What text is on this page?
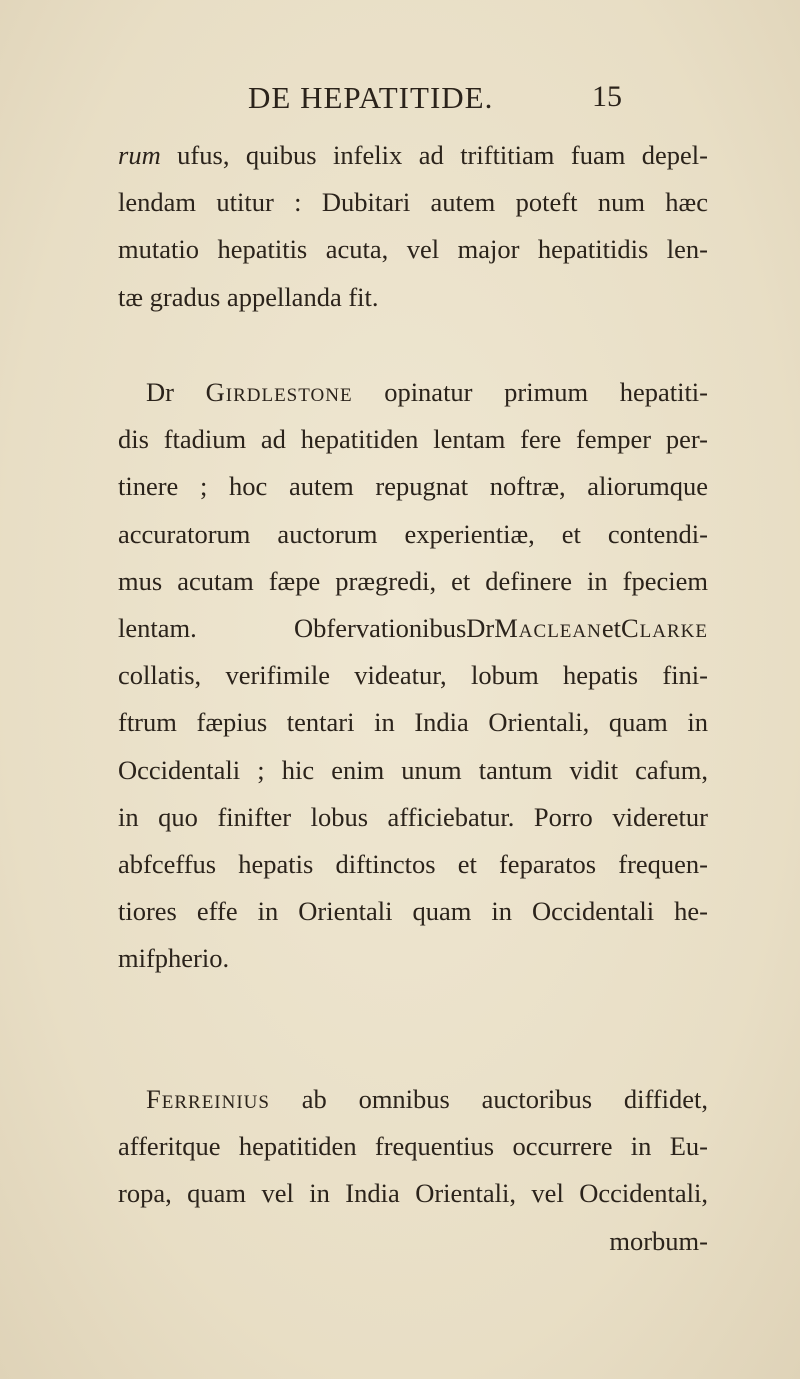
DE HEPATITIDE.	15
rum ufus, quibus infelix ad triftitiam fuam depel-
lendam utitur : Dubitari autem poteft num hæc
mutatio hepatitis acuta, vel major hepatitidis len-
tæ gradus appellanda fit.
Dr Girdlestone opinatur primum hepatiti-
dis ftadium ad hepatitiden lentam fere femper per-
tinere ; hoc autem repugnat noftræ, aliorumque
accuratorum auctorum experientiæ, et contendi-
mus acutam fæpe prægredi, et definere in fpeciem
lentam. ObfervationibusDrMacleanetClarke
collatis, verifimile videatur, lobum hepatis fini-
ftrum fæpius tentari in India Orientali, quam in
Occidentali ; hic enim unum tantum vidit cafum,
in quo finifter lobus afficiebatur. Porro videretur
abfceffus hepatis diftinctos et feparatos frequen-
tiores effe in Orientali quam in Occidentali he-
mifpherio.
Ferreinius ab omnibus auctoribus diffidet,
afferitque hepatitiden frequentius occurrere in Eu-
ropa, quam vel in India Orientali, vel Occidentali,
morbum-
